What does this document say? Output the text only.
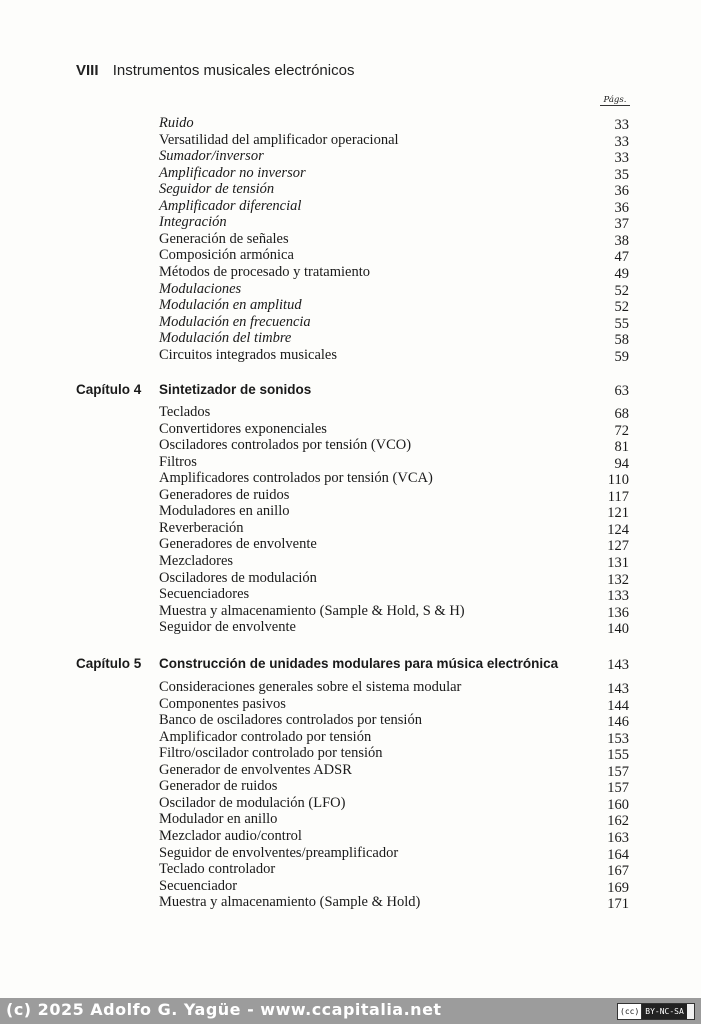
VIII Instrumentos musicales electrónicos
Págs.
Ruido	33
Versatilidad del amplificador operacional	33
Sumador/inversor	33
Amplificador no inversor	35
Seguidor de tensión	36
Amplificador diferencial	36
Integración	37
Generación de señales	38
Composición armónica	47
Métodos de procesado y tratamiento	49
Modulaciones	52
Modulación en amplitud	52
Modulación en frecuencia	55
Modulación del timbre	58
Circuitos integrados musicales	59
Capítulo 4 Sintetizador de sonidos	63
Teclados	68
Convertidores exponenciales	72
Osciladores controlados por tensión (VCO)	81
Filtros	94
Amplificadores controlados por tensión (VCA)	110
Generadores de ruidos	117
Moduladores en anillo	121
Reverberación	124
Generadores de envolvente	127
Mezcladores	131
Osciladores de modulación	132
Secuenciadores	133
Muestra y almacenamiento (Sample & Hold, S & H)	136
Seguidor de envolvente	140
Capítulo 5 Construcción de unidades modulares para música electrónica	143
Consideraciones generales sobre el sistema modular	143
Componentes pasivos	144
Banco de osciladores controlados por tensión	146
Amplificador controlado por tensión	153
Filtro/oscilador controlado por tensión	155
Generador de envolventes ADSR	157
Generador de ruidos	157
Oscilador de modulación (LFO)	160
Modulador en anillo	162
Mezclador audio/control	163
Seguidor de envolventes/preamplificador	164
Teclado controlador	167
Secuenciador	169
Muestra y almacenamiento (Sample & Hold)	171
(c) 2025 Adolfo G. Yagüe - www.ccapitalia.net	(cc) BY-NC-SA
